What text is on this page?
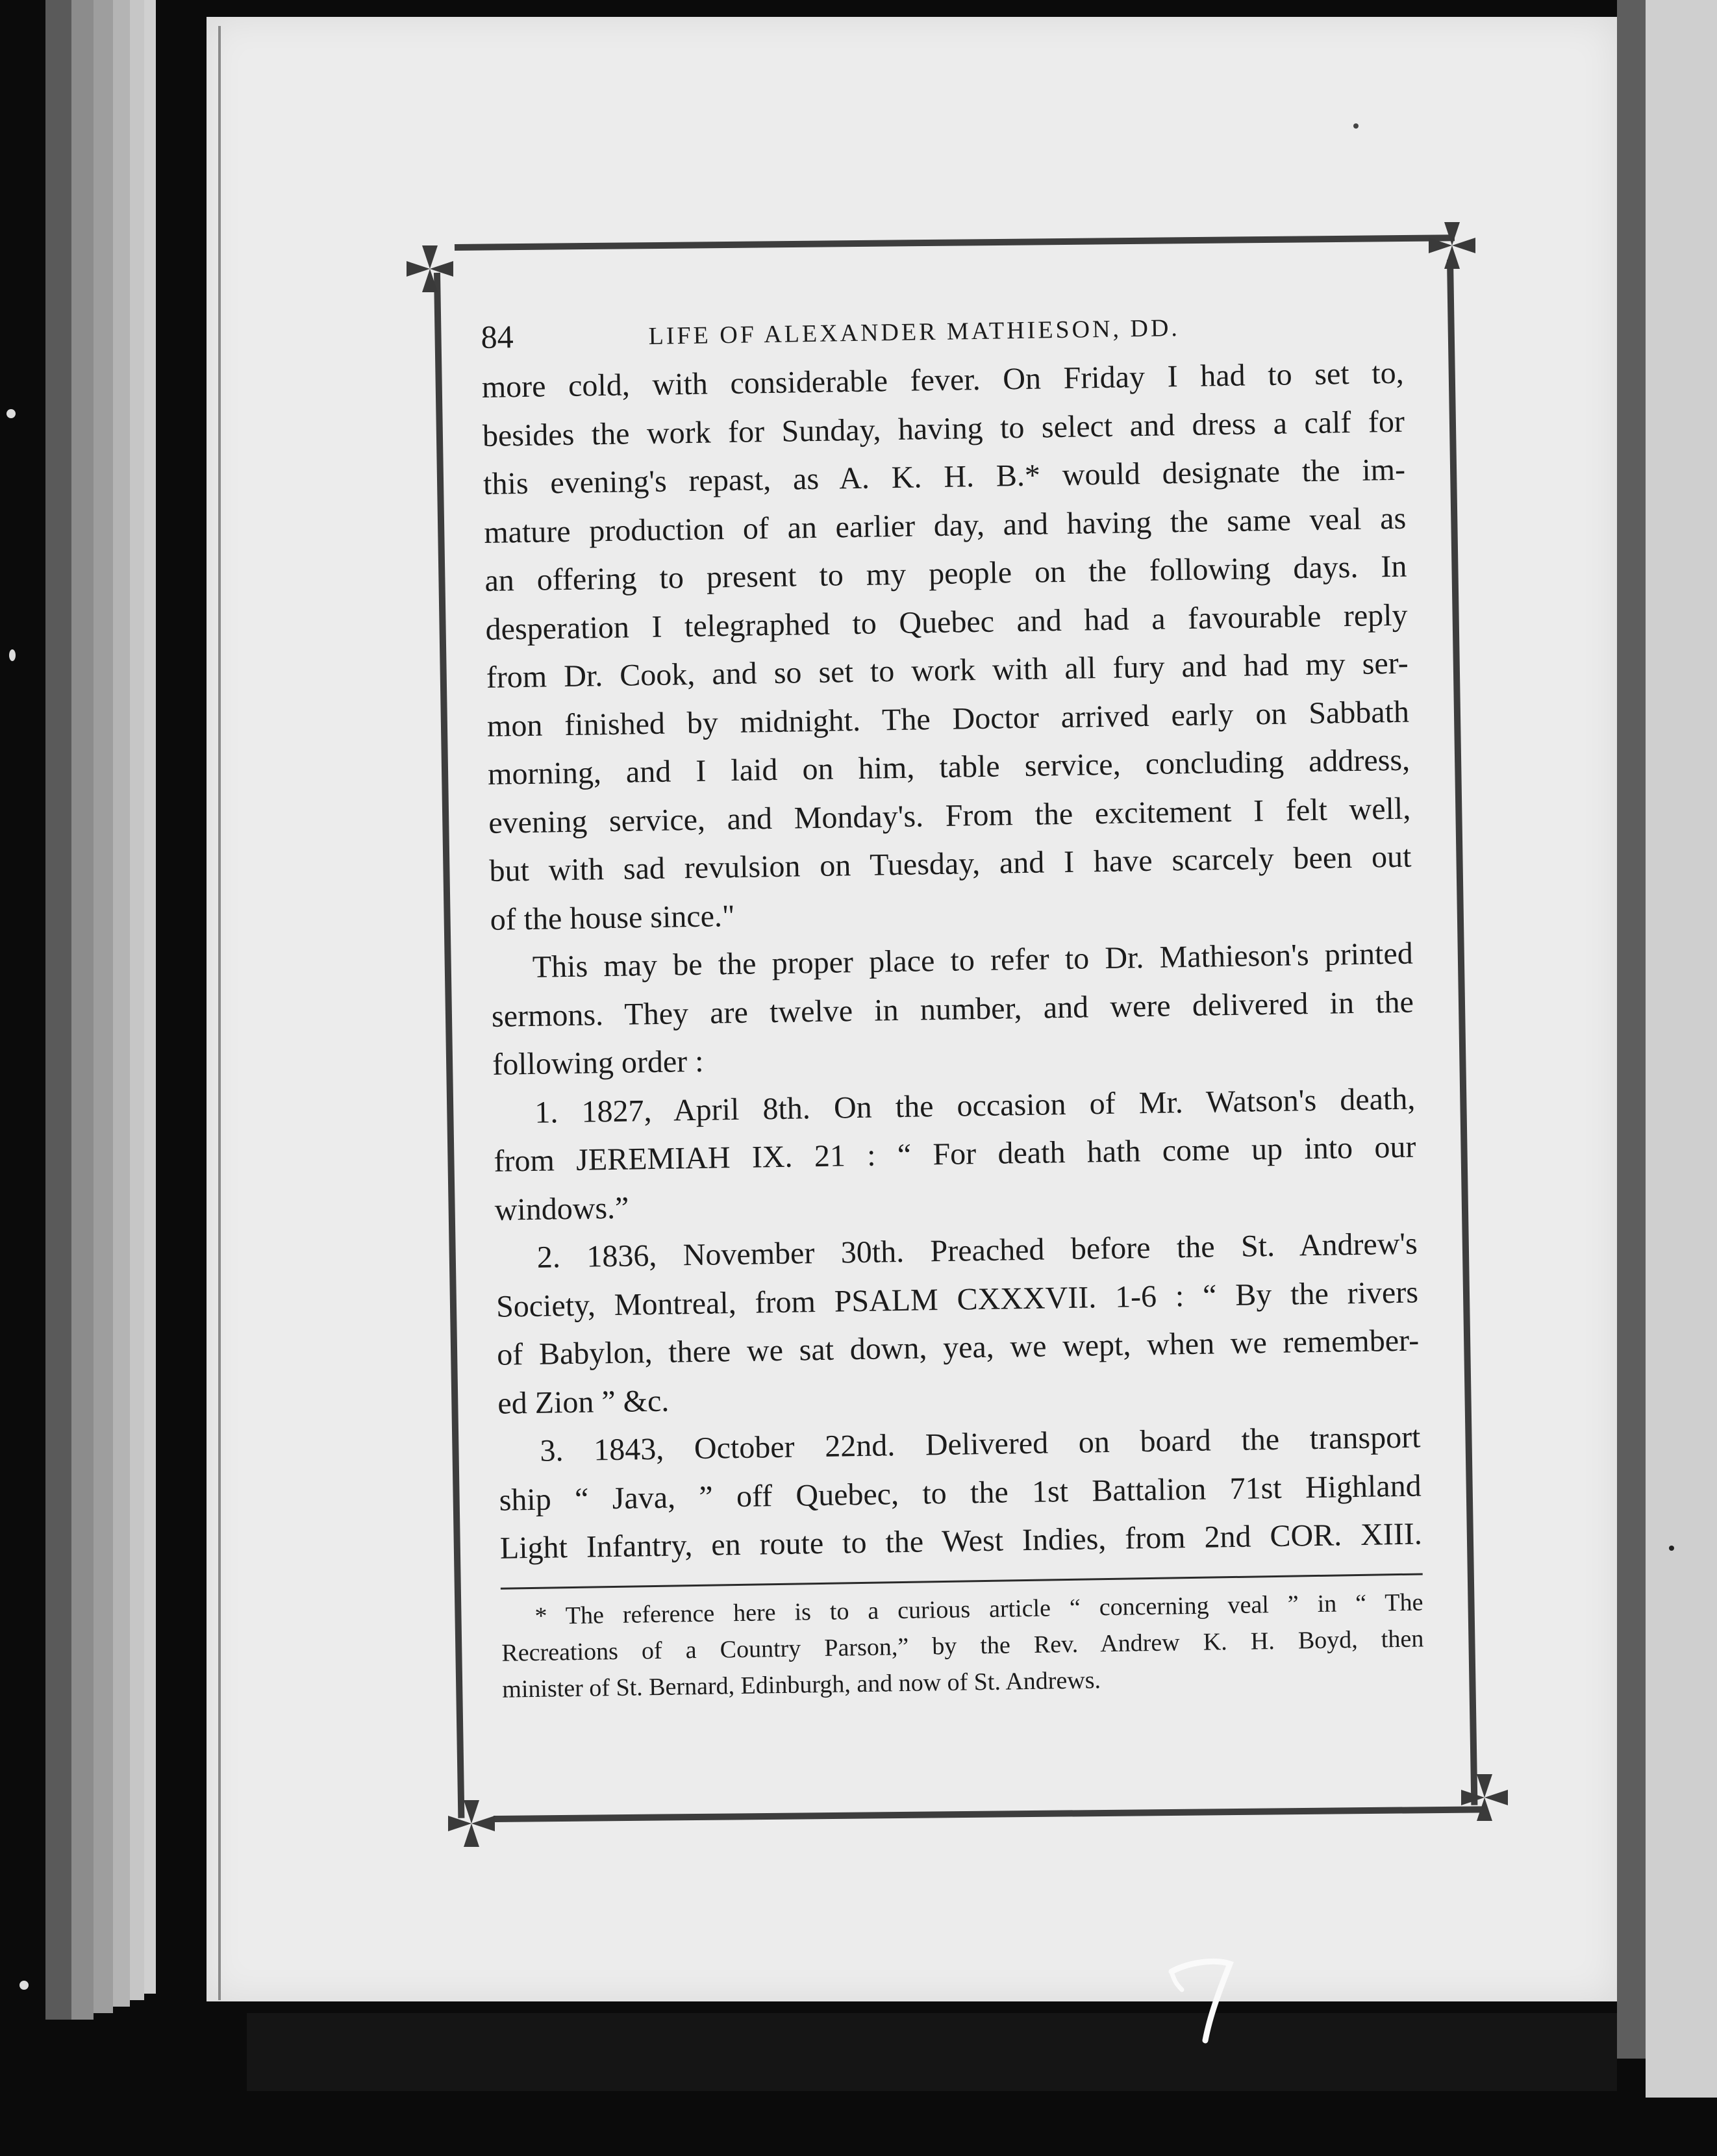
84	LIFE OF ALEXANDER MATHIESON, DD.
more cold, with considerable fever. On Friday I had to set to,
besides the work for Sunday, having to select and dress a calf for
this evening's repast, as A. K. H. B.* would designate the im-
mature production of an earlier day, and having the same veal as
an offering to present to my people on the following days. In
desperation I telegraphed to Quebec and had a favourable reply
from Dr. Cook, and so set to work with all fury and had my ser-
mon finished by midnight. The Doctor arrived early on Sabbath
morning, and I laid on him, table service, concluding address,
evening service, and Monday's. From the excitement I felt well,
but with sad revulsion on Tuesday, and I have scarcely been out
of the house since."
This may be the proper place to refer to Dr. Mathieson's printed
sermons. They are twelve in number, and were delivered in the
following order :
1. 1827, April 8th. On the occasion of Mr. Watson's death,
from JEREMIAH IX. 21 : “ For death hath come up into our
windows.”
2. 1836, November 30th. Preached before the St. Andrew's
Society, Montreal, from PSALM CXXXVII. 1-6 : “ By the rivers
of Babylon, there we sat down, yea, we wept, when we remember-
ed Zion ” &c.
3. 1843, October 22nd. Delivered on board the transport
ship “ Java, ” off Quebec, to the 1st Battalion 71st Highland
Light Infantry, en route to the West Indies, from 2nd COR. XIII.
* The reference here is to a curious article “ concerning veal ” in “ The
Recreations of a Country Parson,” by the Rev. Andrew K. H. Boyd, then
minister of St. Bernard, Edinburgh, and now of St. Andrews.
